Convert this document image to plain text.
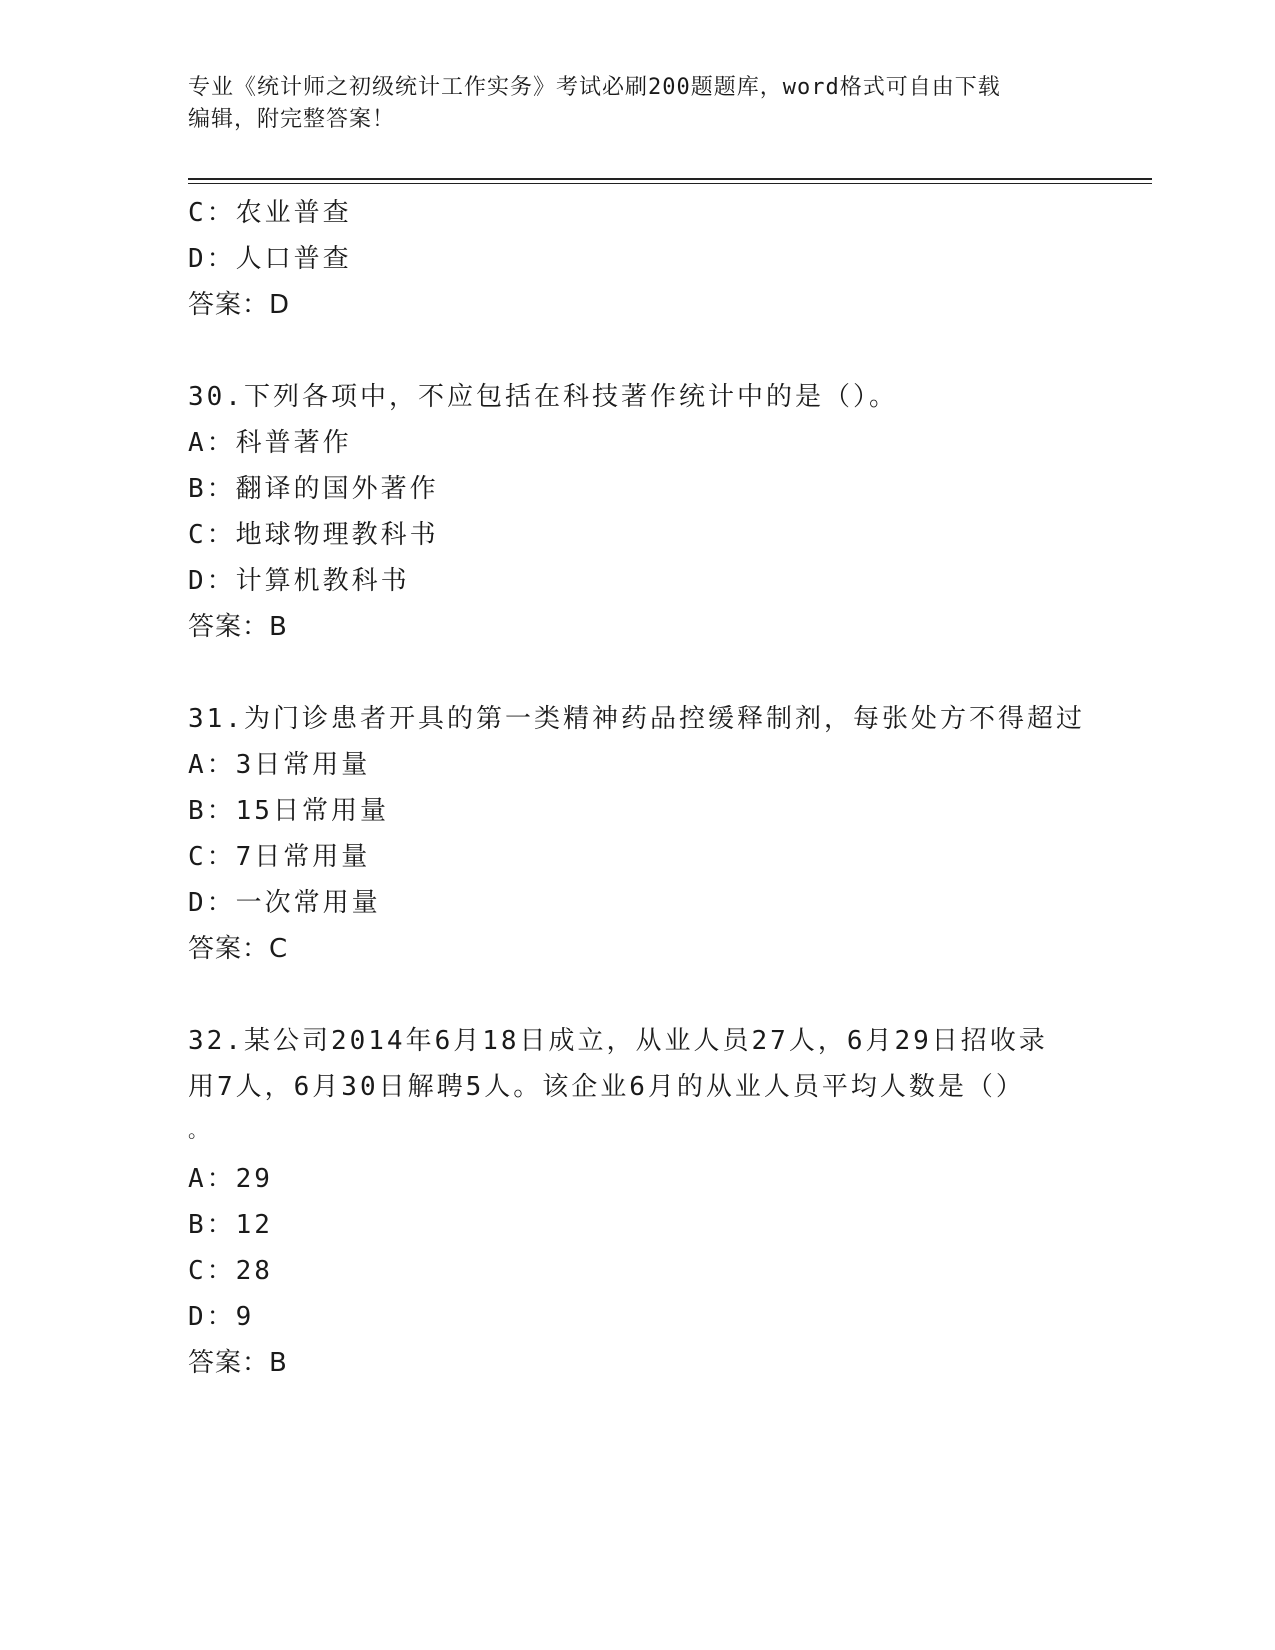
专业《统计师之初级统计工作实务》考试必刷200题题库，word格式可自由下载
编辑，附完整答案！
C：农业普查
D：人口普查
答案：D
30.下列各项中，不应包括在科技著作统计中的是（）。
A：科普著作
B：翻译的国外著作
C：地球物理教科书
D：计算机教科书
答案：B
31.为门诊患者开具的第一类精神药品控缓释制剂，每张处方不得超过
A：3日常用量
B：15日常用量
C：7日常用量
D：一次常用量
答案：C
32.某公司2014年6月18日成立，从业人员27人，6月29日招收录
用7人，6月30日解聘5人。该企业6月的从业人员平均人数是（）
。
A：29
B：12
C：28
D：9
答案：B
